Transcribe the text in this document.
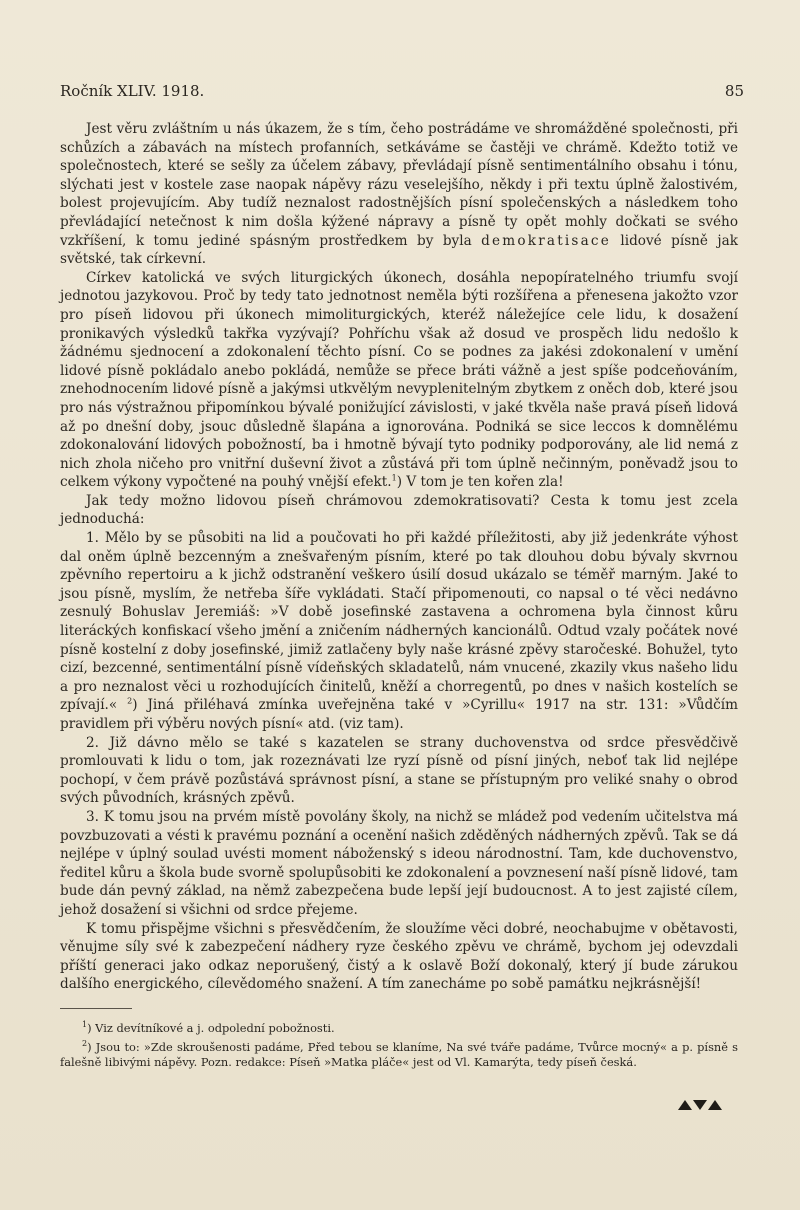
Ročník XLIV. 1918.	85

Jest věru zvláštním u nás úkazem, že s tím, čeho postrádáme ve shromážděné společnosti, při schůzích a zábavách na místech profanních, setkáváme se častěji ve chrámě. Kdežto totiž ve společnostech, které se sešly za účelem zábavy, převládají písně sentimentálního obsahu i tónu, slýchati jest v kostele zase naopak nápěvy rázu veselejšího, někdy i při textu úplně žalostivém, bolest projevujícím. Aby tudíž neznalost radostnějších písní společenských a následkem toho převládající netečnost k nim došla kýžené nápravy a písně ty opět mohly dočkati se svého vzkříšení, k tomu jediné spásným prostředkem by byla demokratisace lidové písně jak světské, tak církevní.

Církev katolická ve svých liturgických úkonech, dosáhla nepopíratelného triumfu svojí jednotou jazykovou. Proč by tedy tato jednotnost neměla býti rozšířena a přenesena jakožto vzor pro píseň lidovou při úkonech mimoliturgických, kteréž náležejíce cele lidu, k dosažení pronikavých výsledků takřka vyzývají? Pohříchu však až dosud ve prospěch lidu nedošlo k žádnému sjednocení a zdokonalení těchto písní. Co se podnes za jakési zdokonalení v umění lidové písně pokládalo anebo pokládá, nemůže se přece bráti vážně a jest spíše podceňováním, znehodnocením lidové písně a jakýmsi utkvělým nevyplenitelným zbytkem z oněch dob, které jsou pro nás výstražnou připomínkou bývalé ponižující závislosti, v jaké tkvěla naše pravá píseň lidová až po dnešní doby, jsouc důsledně šlapána a ignorována. Podniká se sice leccos k domnělému zdokonalování lidových pobožností, ba i hmotně bývají tyto podniky podporovány, ale lid nemá z nich zhola ničeho pro vnitřní duševní život a zůstává při tom úplně nečinným, poněvadž jsou to celkem výkony vypočtené na pouhý vnější efekt.$^1$) V tom je ten kořen zla!

Jak tedy možno lidovou píseň chrámovou zdemokratisovati? Cesta k tomu jest zcela jednoduchá:

1. Mělo by se působiti na lid a poučovati ho při každé příležitosti, aby již jedenkráte výhost dal oněm úplně bezcenným a znešvařeným písním, které po tak dlouhou dobu bývaly skvrnou zpěvního repertoiru a k jichž odstranění veškero úsilí dosud ukázalo se téměř marným. Jaké to jsou písně, myslím, že netřeba šíře vykládati. Stačí připomenouti, co napsal o té věci nedávno zesnulý Bohuslav Jeremiáš: »V době josefinské zastavena a ochromena byla činnost kůru literáckých konfiskací všeho jmění a zničením nádherných kancionálů. Odtud vzaly počátek nové písně kostelní z doby josefinské, jimiž zatlačeny byly naše krásné zpěvy staročeské. Bohužel, tyto cizí, bezcenné, sentimentální písně vídeňských skladatelů, nám vnucené, zkazily vkus našeho lidu a pro neznalost věci u rozhodujících činitelů, kněží a chorregentů, po dnes v našich kostelích se zpívají.« $^2$) Jiná přiléhavá zmínka uveřejněna také v »Cyrillu« 1917 na str. 131: »Vůdčím pravidlem při výběru nových písní« atd. (viz tam).

2. Již dávno mělo se také s kazatelen se strany duchovenstva od srdce přesvědčivě promlouvati k lidu o tom, jak rozeznávati lze ryzí písně od písní jiných, neboť tak lid nejlépe pochopí, v čem právě pozůstává správnost písní, a stane se přístupným pro veliké snahy o obrod svých původních, krásných zpěvů.

3. K tomu jsou na prvém místě povolány školy, na nichž se mládež pod vedením učitelstva má povzbuzovati a vésti k pravému poznání a ocenění našich zděděných nádherných zpěvů. Tak se dá nejlépe v úplný soulad uvésti moment náboženský s ideou národnostní. Tam, kde duchovenstvo, ředitel kůru a škola bude svorně spolupůsobiti ke zdokonalení a povznesení naší písně lidové, tam bude dán pevný základ, na němž zabezpečena bude lepší její budoucnost. A to jest zajisté cílem, jehož dosažení si všichni od srdce přejeme.

K tomu přispějme všichni s přesvědčením, že sloužíme věci dobré, neochabujme v obětavosti, věnujme síly své k zabezpečení nádhery ryze českého zpěvu ve chrámě, bychom jej odevzdali příští generaci jako odkaz neporušený, čistý a k oslavě Boží dokonalý, který jí bude zárukou dalšího energického, cílevědomého snažení. A tím zanecháme po sobě památku nejkrásnější!

$^1$) Viz devítníkové a j. odpolední pobožnosti.

$^2$) Jsou to: »Zde skroušenosti padáme, Před tebou se klaníme, Na své tváře padáme, Tvůrce mocný« a p. písně s falešně libivými nápěvy. Pozn. redakce: Píseň »Matka pláče« jest od Vl. Kamarýta, tedy píseň česká.
